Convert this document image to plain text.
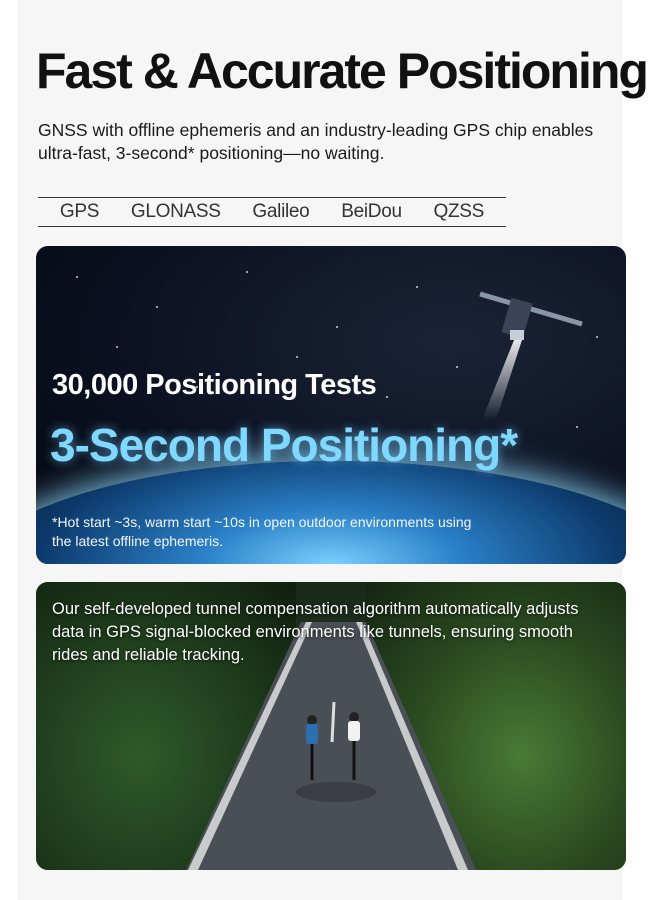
Fast & Accurate Positioning

GNSS with offline ephemeris and an industry-leading GPS chip enables ultra-fast, 3-second* positioning—no waiting.

GPS GLONASS Galileo BeiDou QZSS
30,000 Positioning Tests
3-Second Positioning*

*Hot start ~3s, warm start ~10s in open outdoor environments using the latest offline ephemeris.

Our self-developed tunnel compensation algorithm automatically adjusts data in GPS signal-blocked environments like tunnels, ensuring smooth rides and reliable tracking.
